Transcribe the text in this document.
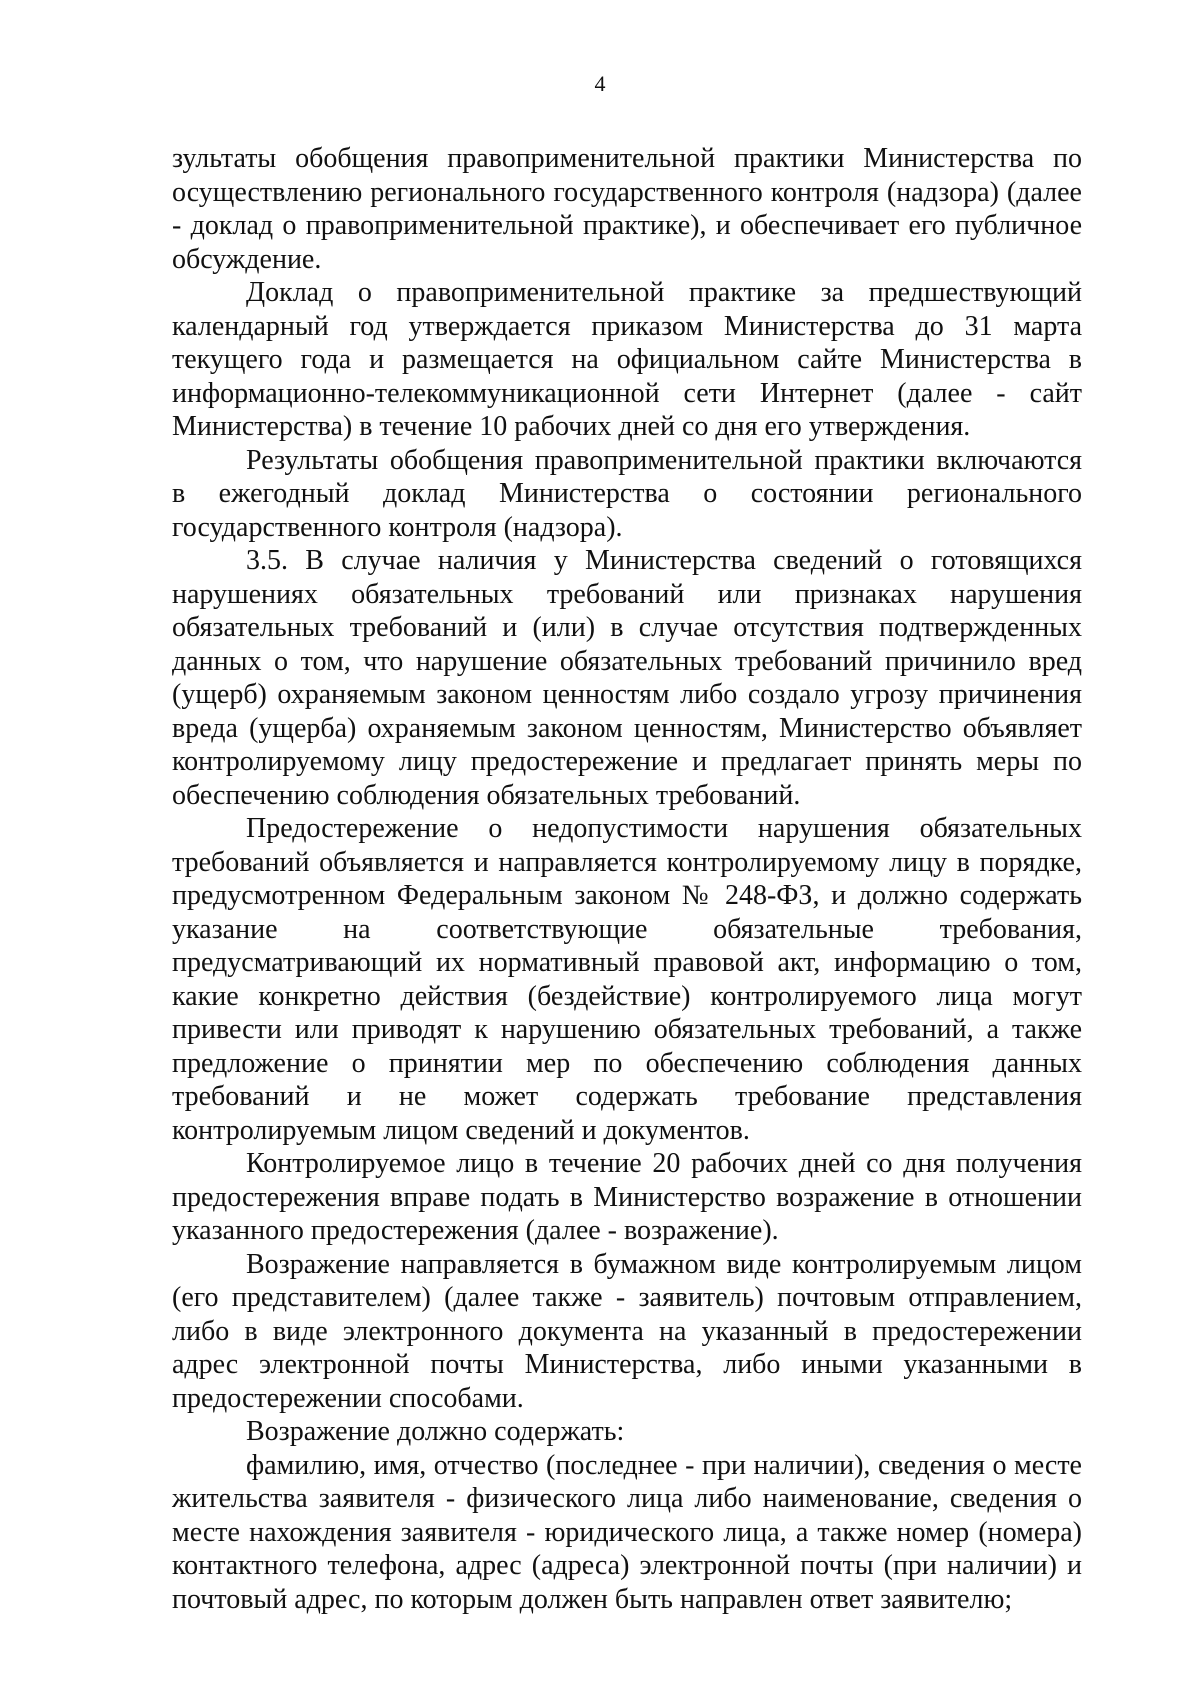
4

зультаты обобщения правоприменительной практики Министерства по осуществлению регионального государственного контроля (надзора) (далее - доклад о правоприменительной практике), и обеспечивает его публичное обсуждение.

Доклад о правоприменительной практике за предшествующий календарный год утверждается приказом Министерства до 31 марта текущего года и размещается на официальном сайте Министерства в информационно-телекоммуникационной сети Интернет (далее - сайт Министерства) в течение 10 рабочих дней со дня его утверждения.

Результаты обобщения правоприменительной практики включаются в ежегодный доклад Министерства о состоянии регионального государственного контроля (надзора).

3.5. В случае наличия у Министерства сведений о готовящихся нарушениях обязательных требований или признаках нарушения обязательных требований и (или) в случае отсутствия подтвержденных данных о том, что нарушение обязательных требований причинило вред (ущерб) охраняемым законом ценностям либо создало угрозу причинения вреда (ущерба) охраняемым законом ценностям, Министерство объявляет контролируемому лицу предостережение и предлагает принять меры по обеспечению соблюдения обязательных требований.

Предостережение о недопустимости нарушения обязательных требований объявляется и направляется контролируемому лицу в порядке, предусмотренном Федеральным законом № 248-ФЗ, и должно содержать указание на соответствующие обязательные требования, предусматривающий их нормативный правовой акт, информацию о том, какие конкретно действия (бездействие) контролируемого лица могут привести или приводят к нарушению обязательных требований, а также предложение о принятии мер по обеспечению соблюдения данных требований и не может содержать требование представления контролируемым лицом сведений и документов.

Контролируемое лицо в течение 20 рабочих дней со дня получения предостережения вправе подать в Министерство возражение в отношении указанного предостережения (далее - возражение).

Возражение направляется в бумажном виде контролируемым лицом (его представителем) (далее также - заявитель) почтовым отправлением, либо в виде электронного документа на указанный в предостережении адрес электронной почты Министерства, либо иными указанными в предостережении способами.

Возражение должно содержать:

фамилию, имя, отчество (последнее - при наличии), сведения о месте жительства заявителя - физического лица либо наименование, сведения о месте нахождения заявителя - юридического лица, а также номер (номера) контактного телефона, адрес (адреса) электронной почты (при наличии) и почтовый адрес, по которым должен быть направлен ответ заявителю;
